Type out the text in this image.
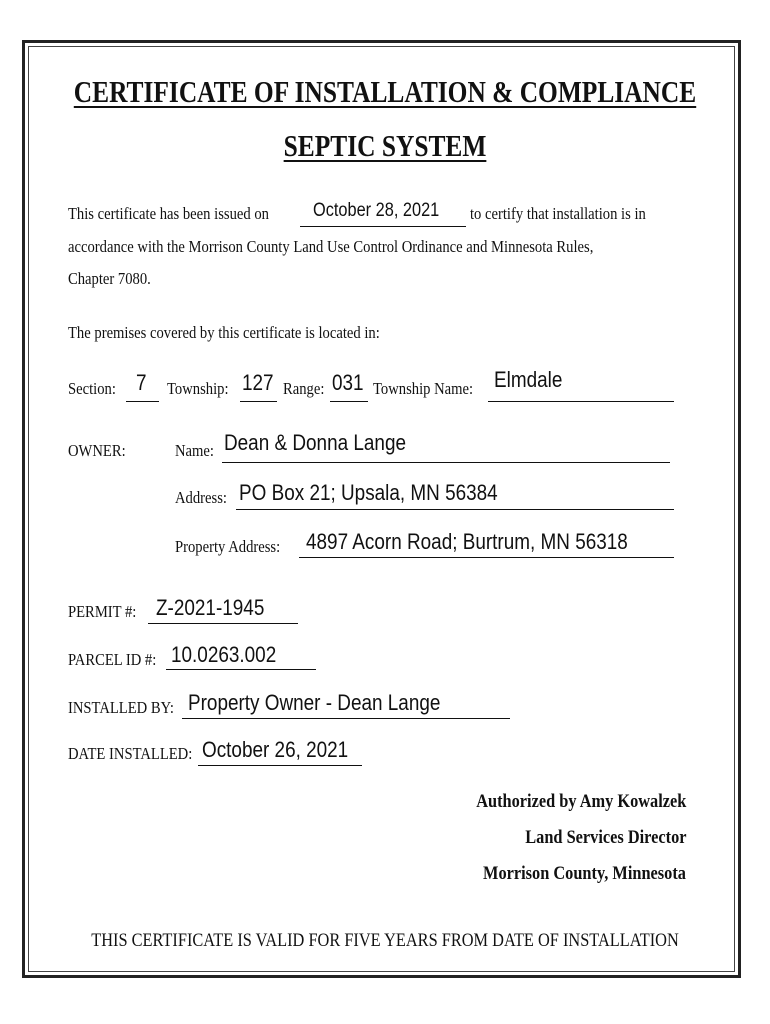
CERTIFICATE OF INSTALLATION & COMPLIANCE
SEPTIC SYSTEM
This certificate has been issued on October 28, 2021 to certify that installation is in
accordance with the Morrison County Land Use Control Ordinance and Minnesota Rules,
Chapter 7080.
The premises covered by this certificate is located in:
Section: 7 Township: 127 Range: 031 Township Name: Elmdale
OWNER:	Name: Dean & Donna Lange
Address: PO Box 21; Upsala, MN 56384
Property Address: 4897 Acorn Road; Burtrum, MN 56318
PERMIT #: Z-2021-1945
PARCEL ID #: 10.0263.002
INSTALLED BY: Property Owner - Dean Lange
DATE INSTALLED: October 26, 2021
Authorized by Amy Kowalzek
Land Services Director
Morrison County, Minnesota
THIS CERTIFICATE IS VALID FOR FIVE YEARS FROM DATE OF INSTALLATION
